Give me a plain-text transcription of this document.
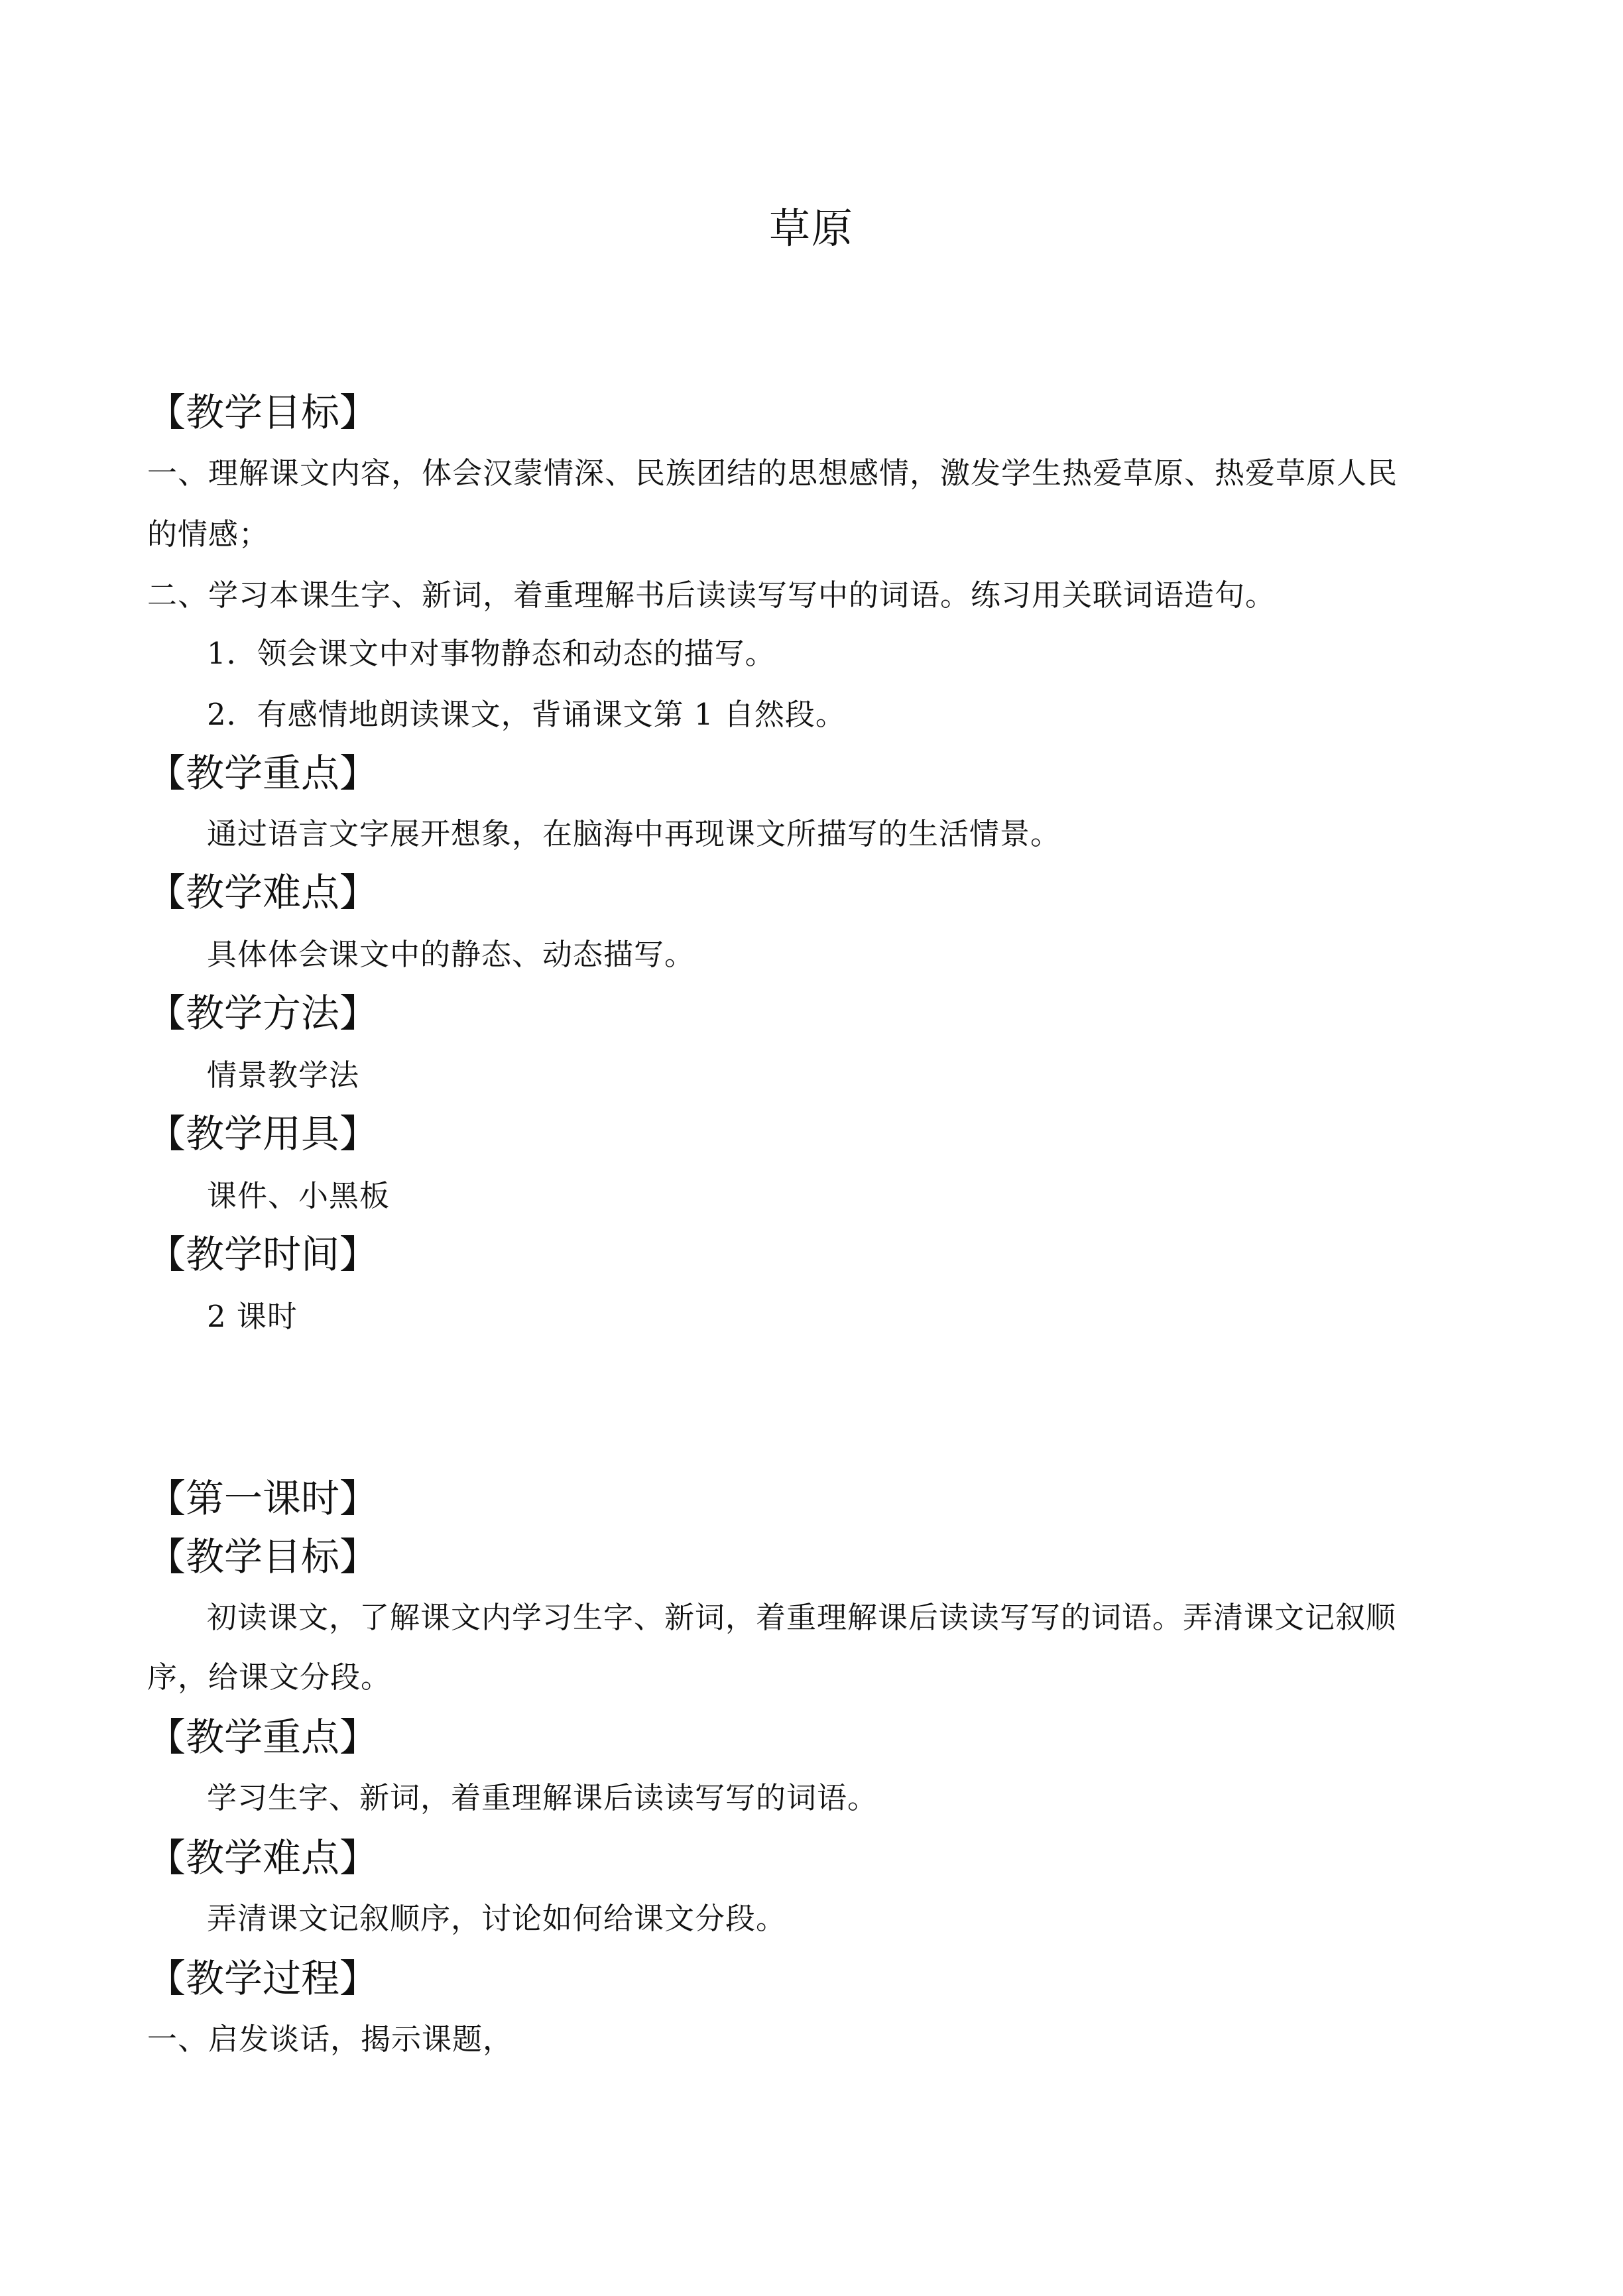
草原
【教学目标】
一、理解课文内容，体会汉蒙情深、民族团结的思想感情，激发学生热爱草原、热爱草原人民
的情感；
二、学习本课生字、新词，着重理解书后读读写写中的词语。练习用关联词语造句。
1．领会课文中对事物静态和动态的描写。
2．有感情地朗读课文，背诵课文第 1 自然段。
【教学重点】
通过语言文字展开想象，在脑海中再现课文所描写的生活情景。
【教学难点】
具体体会课文中的静态、动态描写。
【教学方法】
情景教学法
【教学用具】
课件、小黑板
【教学时间】
2 课时
【第一课时】
【教学目标】
初读课文，了解课文内学习生字、新词，着重理解课后读读写写的词语。弄清课文记叙顺
序，给课文分段。
【教学重点】
学习生字、新词，着重理解课后读读写写的词语。
【教学难点】
弄清课文记叙顺序，讨论如何给课文分段。
【教学过程】
一、启发谈话，揭示课题，
